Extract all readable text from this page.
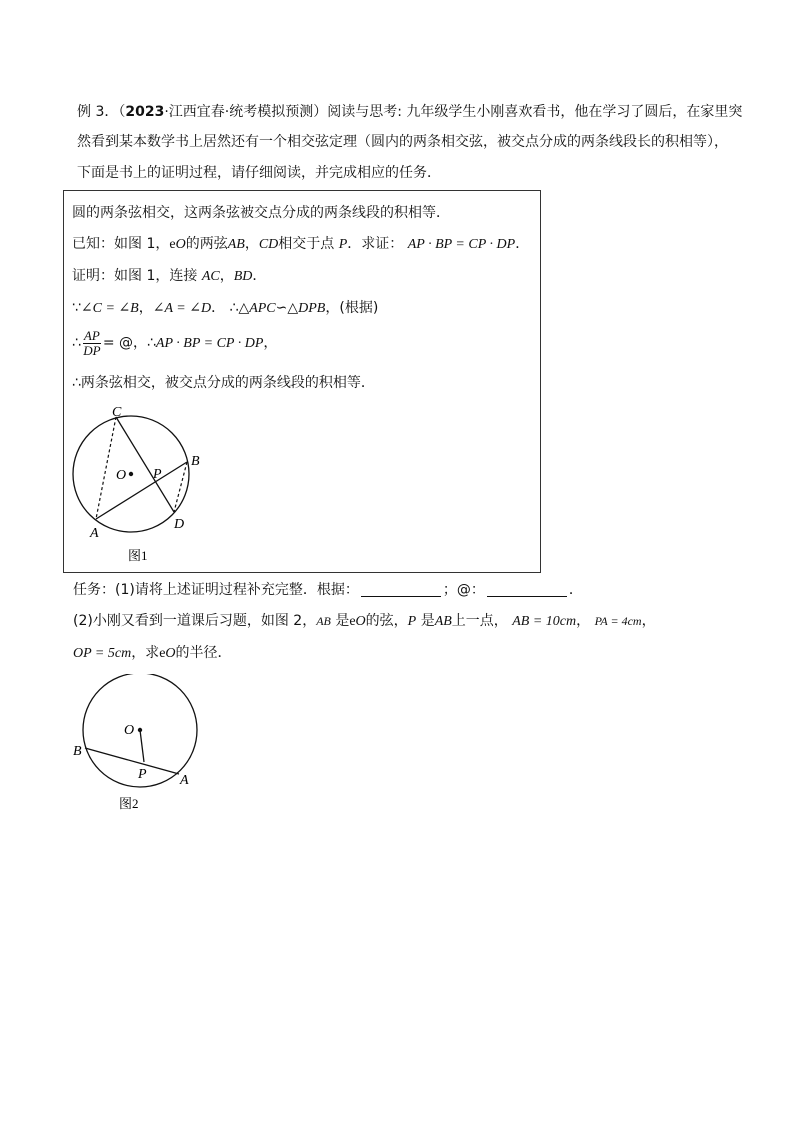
例 3．（2023·江西宜春·统考模拟预测）阅读与思考: 九年级学生小刚喜欢看书，他在学习了圆后，在家里突
然看到某本数学书上居然还有一个相交弦定理（圆内的两条相交弦，被交点分成的两条线段长的积相等），
下面是书上的证明过程，请仔细阅读，并完成相应的任务．
圆的两条弦相交，这两条弦被交点分成的两条线段的积相等．
已知：如图 1，eO的两弦AB，CD相交于点 P．求证： AP · BP = CP · DP．
证明：如图 1，连接 AC，BD．
∵∠C = ∠B，∠A = ∠D． ∴△APC∽△DPB，(根据)
∴ $\frac{AP}{DP}$ = @，∴AP · BP = CP · DP，
∴两条弦相交，被交点分成的两条线段的积相等．
C
B
O P
A
D
图1
任务：(1)请将上述证明过程补充完整．根据：	；@：	．
(2)小刚又看到一道课后习题，如图 2，AB 是eO的弦，P 是AB上一点， AB = 10cm， PA = 4cm，
OP = 5cm，求eO的半径．
O
B
P A
图2
